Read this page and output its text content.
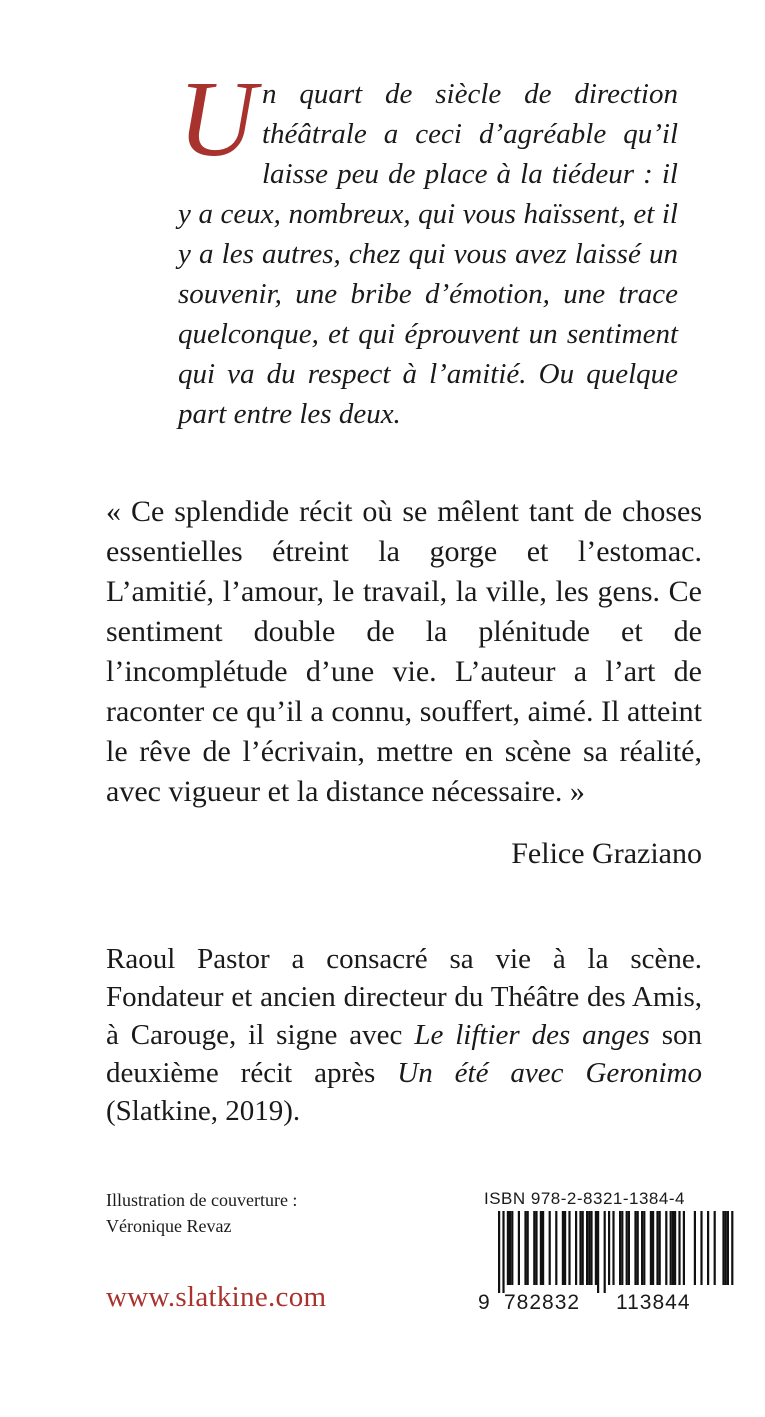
U n quart de siècle de direction théâtrale a ceci d’agréable qu’il laisse peu de place à la tiédeur : il y a ceux, nombreux, qui vous haïssent, et il y a les autres, chez qui vous avez laissé un souvenir, une bribe d’émotion, une trace quelconque, et qui éprouvent un sentiment qui va du respect à l’amitié. Ou quelque part entre les deux.
« Ce splendide récit où se mêlent tant de choses essentielles étreint la gorge et l’estomac. L’amitié, l’amour, le travail, la ville, les gens. Ce sentiment double de la plénitude et de l’incomplétude d’une vie. L’auteur a l’art de raconter ce qu’il a connu, souffert, aimé. Il atteint le rêve de l’écrivain, mettre en scène sa réalité, avec vigueur et la distance nécessaire. »
Felice Graziano
Raoul Pastor a consacré sa vie à la scène. Fondateur et ancien directeur du Théâtre des Amis, à Carouge, il signe avec Le liftier des anges son deuxième récit après Un été avec Geronimo (Slatkine, 2019).
Illustration de couverture :
Véronique Revaz
www.slatkine.com
ISBN 978-2-8321-1384-4
9 782832 113844
